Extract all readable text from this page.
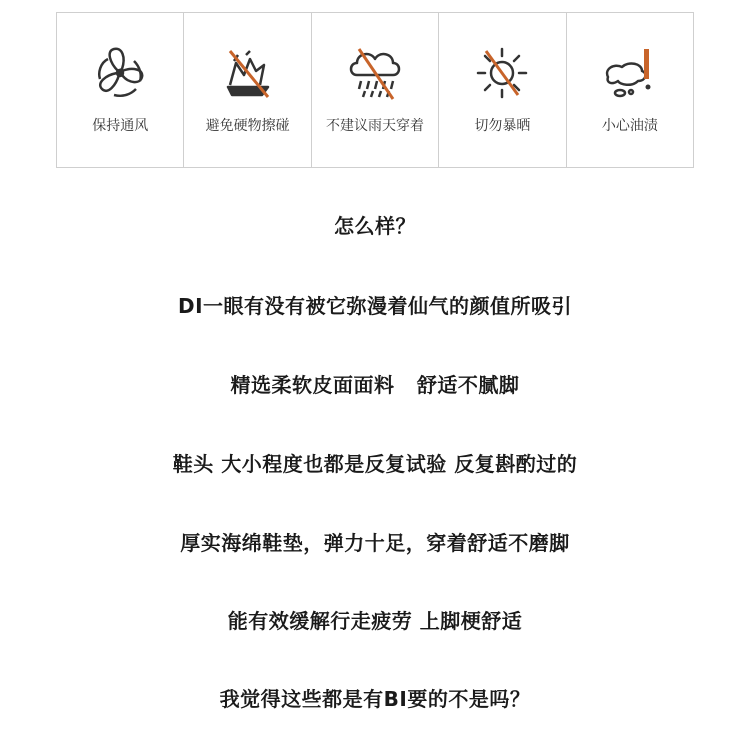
保持通风	避免硬物擦碰	不建议雨天穿着	切勿暴晒	小心油渍
怎么样？
DI一眼有没有被它弥漫着仙气的颜值所吸引
精选柔软皮面面料   舒适不腻脚
鞋头 大小程度也都是反复试验 反复斟酌过的
厚实海绵鞋垫，弹力十足，穿着舒适不磨脚
能有效缓解行走疲劳 上脚梗舒适
我觉得这些都是有BI要的不是吗？
